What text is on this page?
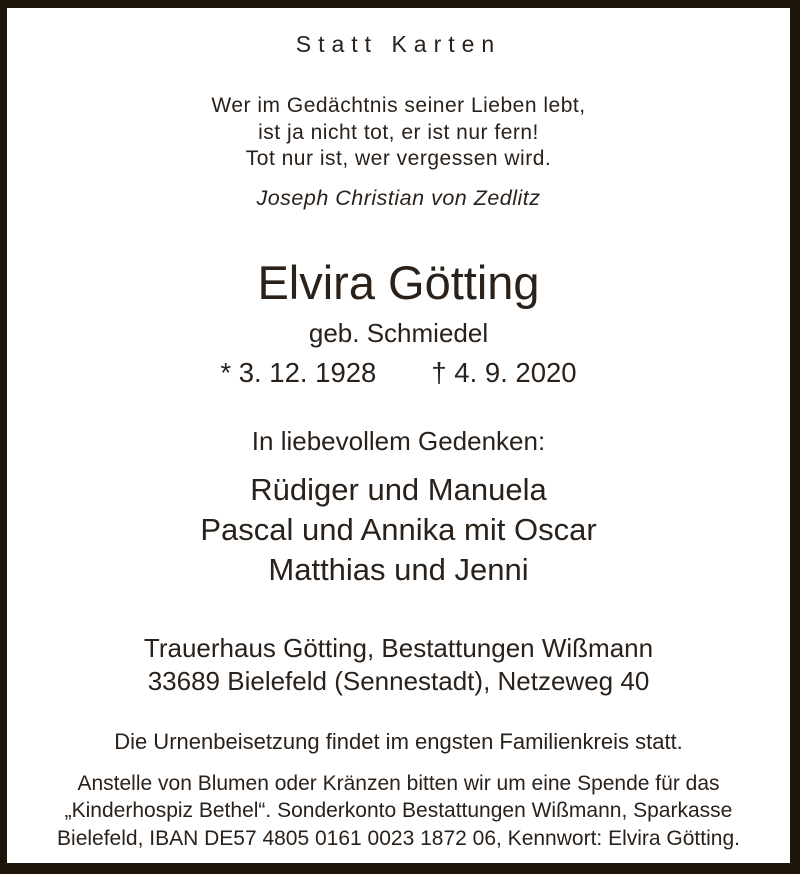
Statt Karten
Wer im Gedächtnis seiner Lieben lebt,
ist ja nicht tot, er ist nur fern!
Tot nur ist, wer vergessen wird.
Joseph Christian von Zedlitz
Elvira Götting
geb. Schmiedel
* 3. 12. 1928 † 4. 9. 2020
In liebevollem Gedenken:
Rüdiger und Manuela
Pascal und Annika mit Oscar
Matthias und Jenni
Trauerhaus Götting, Bestattungen Wißmann
33689 Bielefeld (Sennestadt), Netzeweg 40
Die Urnenbeisetzung findet im engsten Familienkreis statt.
Anstelle von Blumen oder Kränzen bitten wir um eine Spende für das
„Kinderhospiz Bethel“. Sonderkonto Bestattungen Wißmann, Sparkasse
Bielefeld, IBAN DE57 4805 0161 0023 1872 06, Kennwort: Elvira Götting.
